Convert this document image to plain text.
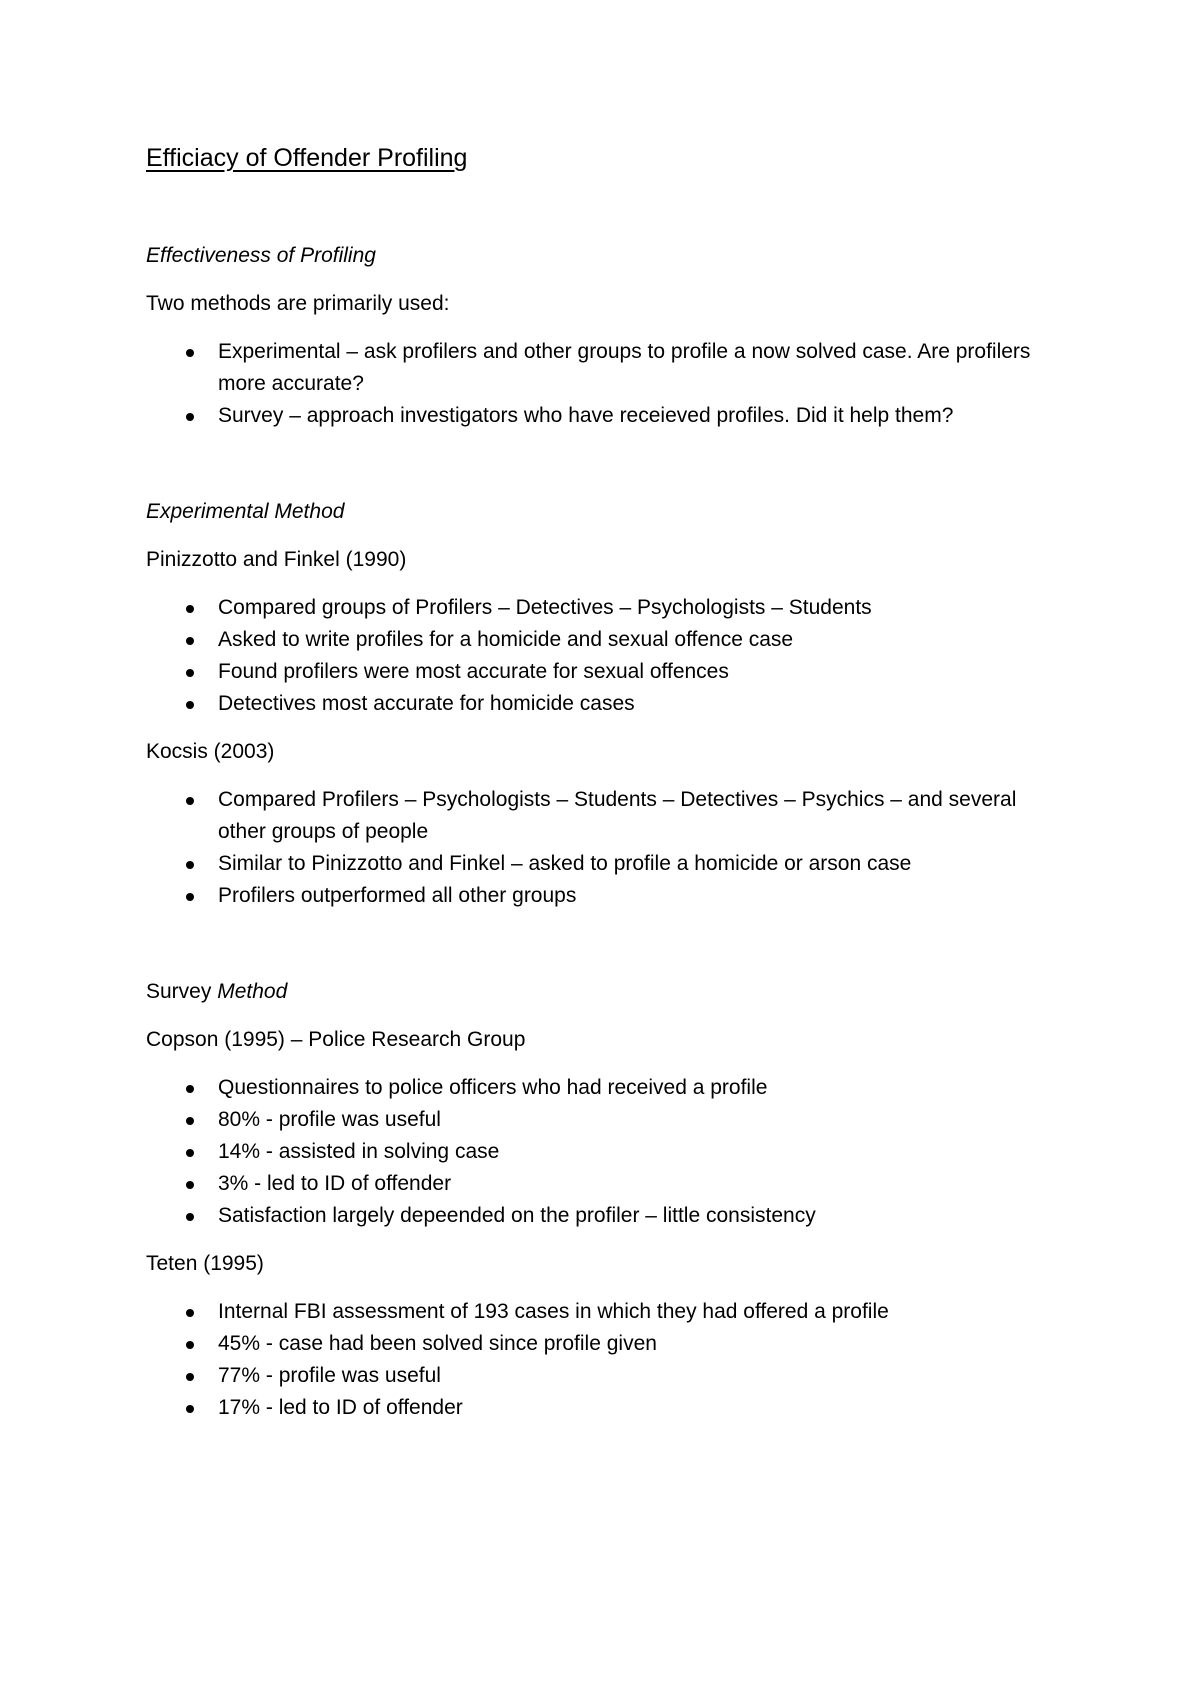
Efficiacy of Offender Profiling

Effectiveness of Profiling

Two methods are primarily used:

Experimental – ask profilers and other groups to profile a now solved case. Are profilers more accurate?
Survey – approach investigators who have receieved profiles. Did it help them?

Experimental Method

Pinizzotto and Finkel (1990)

Compared groups of Profilers – Detectives – Psychologists – Students
Asked to write profiles for a homicide and sexual offence case
Found profilers were most accurate for sexual offences
Detectives most accurate for homicide cases

Kocsis (2003)

Compared Profilers – Psychologists – Students – Detectives – Psychics – and several other groups of people
Similar to Pinizzotto and Finkel – asked to profile a homicide or arson case
Profilers outperformed all other groups

Survey Method

Copson (1995) – Police Research Group

Questionnaires to police officers who had received a profile
80% - profile was useful
14% - assisted in solving case
3% - led to ID of offender
Satisfaction largely depeended on the profiler – little consistency

Teten (1995)

Internal FBI assessment of 193 cases in which they had offered a profile
45% - case had been solved since profile given
77% - profile was useful
17% - led to ID of offender
